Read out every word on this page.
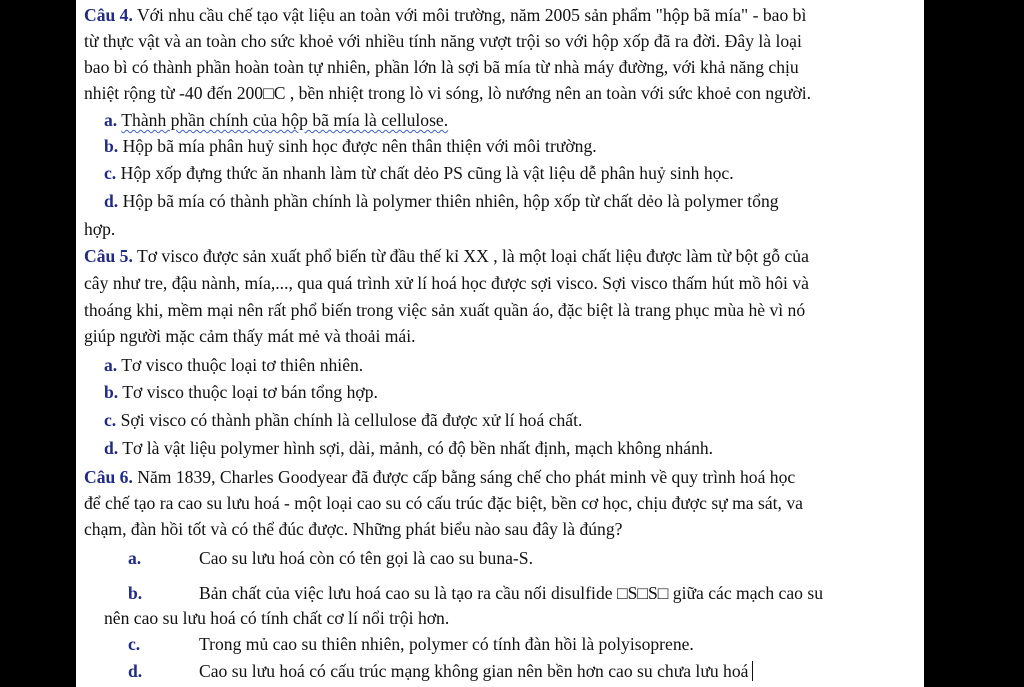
Câu 4. Với nhu cầu chế tạo vật liệu an toàn với môi trường, năm 2005 sản phẩm "hộp bã mía" - bao bì

từ thực vật và an toàn cho sức khoẻ với nhiều tính năng vượt trội so với hộp xốp đã ra đời. Đây là loại

bao bì có thành phần hoàn toàn tự nhiên, phần lớn là sợi bã mía từ nhà máy đường, với khả năng chịu

nhiệt rộng từ -40 đến 200□C , bền nhiệt trong lò vi sóng, lò nướng nên an toàn với sức khoẻ con người.

a. Thành phần chính của hộp bã mía là cellulose.

b. Hộp bã mía phân huỷ sinh học được nên thân thiện với môi trường.

c. Hộp xốp đựng thức ăn nhanh làm từ chất dẻo PS cũng là vật liệu dễ phân huỷ sinh học.

d. Hộp bã mía có thành phần chính là polymer thiên nhiên, hộp xốp từ chất dẻo là polymer tổng

hợp.

Câu 5. Tơ visco được sản xuất phổ biến từ đầu thế kỉ XX , là một loại chất liệu được làm từ bột gỗ của

cây như tre, đậu nành, mía,..., qua quá trình xử lí hoá học được sợi visco. Sợi visco thấm hút mồ hôi và

thoáng khi, mềm mại nên rất phổ biến trong việc sản xuất quần áo, đặc biệt là trang phục mùa hè vì nó

giúp người mặc cảm thấy mát mẻ và thoải mái.

a. Tơ visco thuộc loại tơ thiên nhiên.

b. Tơ visco thuộc loại tơ bán tổng hợp.

c. Sợi visco có thành phần chính là cellulose đã được xử lí hoá chất.

d. Tơ là vật liệu polymer hình sợi, dài, mảnh, có độ bền nhất định, mạch không nhánh.

Câu 6. Năm 1839, Charles Goodyear đã được cấp bằng sáng chế cho phát minh về quy trình hoá học

để chế tạo ra cao su lưu hoá - một loại cao su có cấu trúc đặc biệt, bền cơ học, chịu được sự ma sát, va

chạm, đàn hồi tốt và có thể đúc được. Những phát biểu nào sau đây là đúng?

a.	Cao su lưu hoá còn có tên gọi là cao su buna-S.
b.	Bản chất của việc lưu hoá cao su là tạo ra cầu nối disulfide □S□S□ giữa các mạch cao su

nên cao su lưu hoá có tính chất cơ lí nổi trội hơn.

c.	Trong mủ cao su thiên nhiên, polymer có tính đàn hồi là polyisoprene.
d.	Cao su lưu hoá có cấu trúc mạng không gian nên bền hơn cao su chưa lưu hoá
